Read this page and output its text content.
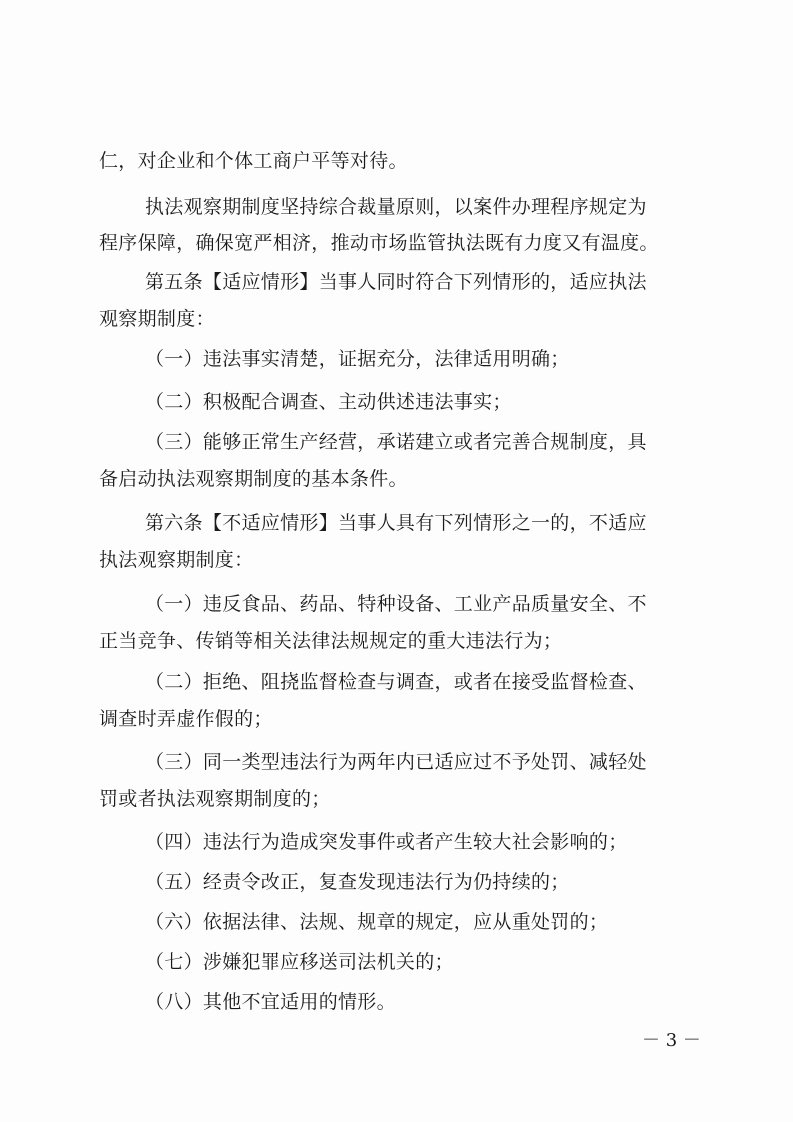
仁，对企业和个体工商户平等对待。
执法观察期制度坚持综合裁量原则，以案件办理程序规定为
程序保障，确保宽严相济，推动市场监管执法既有力度又有温度。
第五条【适应情形】当事人同时符合下列情形的，适应执法
观察期制度：
（一）违法事实清楚，证据充分，法律适用明确；
（二）积极配合调查、主动供述违法事实；
（三）能够正常生产经营，承诺建立或者完善合规制度，具
备启动执法观察期制度的基本条件。
第六条【不适应情形】当事人具有下列情形之一的，不适应
执法观察期制度：
（一）违反食品、药品、特种设备、工业产品质量安全、不
正当竞争、传销等相关法律法规规定的重大违法行为；
（二）拒绝、阻挠监督检查与调查，或者在接受监督检查、
调查时弄虚作假的；
（三）同一类型违法行为两年内已适应过不予处罚、减轻处
罚或者执法观察期制度的；
（四）违法行为造成突发事件或者产生较大社会影响的；
（五）经责令改正，复查发现违法行为仍持续的；
（六）依据法律、法规、规章的规定，应从重处罚的；
（七）涉嫌犯罪应移送司法机关的；
（八）其他不宜适用的情形。
－ 3 －
